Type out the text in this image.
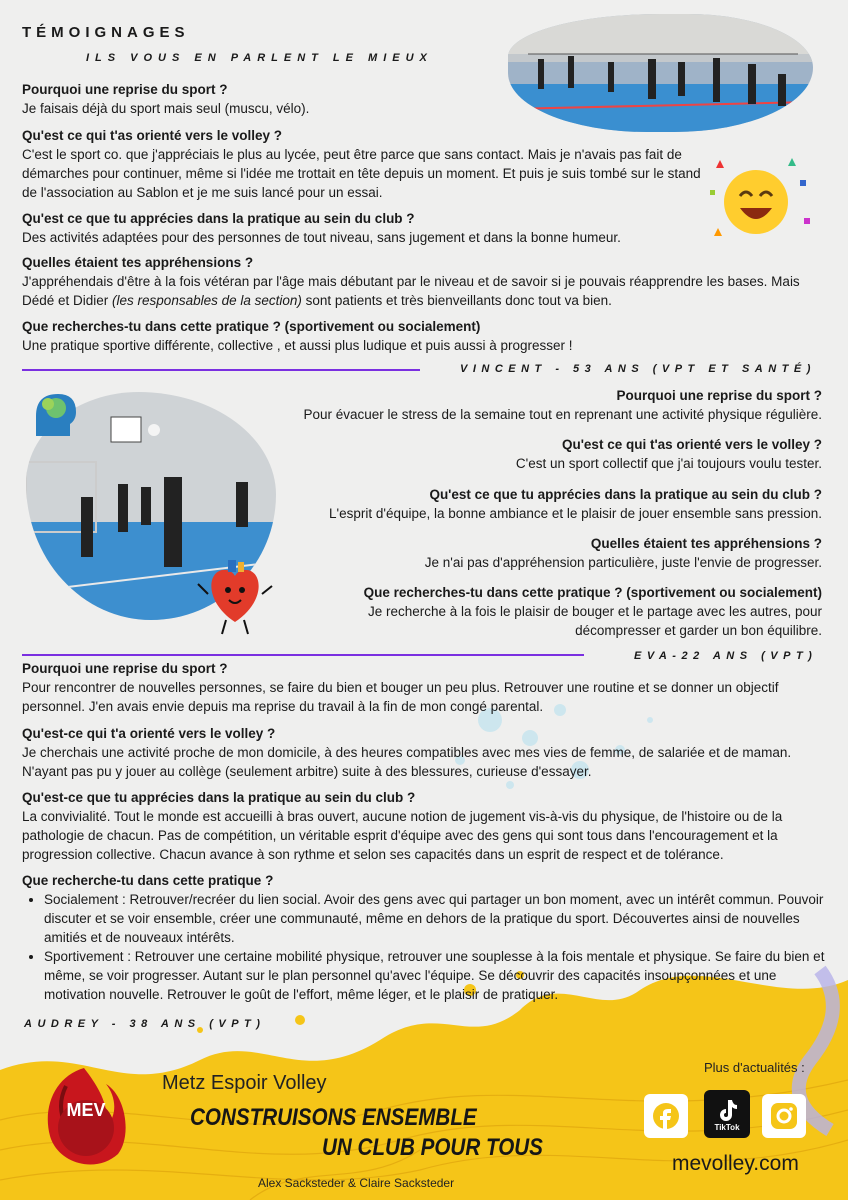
TÉMOIGNAGES
ILS VOUS EN PARLENT LE MIEUX
Pourquoi une reprise du sport ?
Je faisais déjà du sport mais seul (muscu, vélo).
Qu'est ce qui t'as orienté vers le volley ?
C'est le sport co. que j'appréciais le plus au lycée, peut être parce que sans contact. Mais je n'avais pas fait de démarches pour continuer, même si l'idée me trottait en tête depuis un moment. Et puis je suis tombé sur le stand de l'association au Sablon et je me suis lancé pour un essai.
Qu'est ce que tu apprécies dans la pratique au sein du club ?
Des activités adaptées pour des personnes de tout niveau, sans jugement et dans la bonne humeur.
Quelles étaient tes appréhensions ?
J'appréhendais d'être à la fois vétéran par l'âge mais débutant par le niveau et de savoir si je pouvais réapprendre les bases. Mais Dédé et Didier (les responsables de la section) sont patients et très bienveillants donc tout va bien.
Que recherches-tu dans cette pratique ? (sportivement ou socialement)
Une pratique sportive différente, collective , et aussi plus ludique et puis aussi à progresser !
VINCENT - 53 ANS (VPT ET SANTÉ)
Pourquoi une reprise du sport ?
Pour évacuer le stress de la semaine tout en reprenant une activité physique régulière.
Qu'est ce qui t'as orienté vers le volley ?
C'est un sport collectif que j'ai toujours voulu tester.
Qu'est ce que tu apprécies dans la pratique au sein du club ?
L'esprit d'équipe, la bonne ambiance et le plaisir de jouer ensemble sans pression.
Quelles étaient tes appréhensions ?
Je n'ai pas d'appréhension particulière, juste l'envie de progresser.
Que recherches-tu dans cette pratique ? (sportivement ou socialement)
Je recherche à la fois le plaisir de bouger et le partage avec les autres, pour décompresser et garder un bon équilibre.
EVA-22 ANS (VPT)
Pourquoi une reprise du sport ?
Pour rencontrer de nouvelles personnes, se faire du bien et bouger un peu plus. Retrouver une routine et se donner un objectif personnel. J'en avais envie depuis ma reprise du travail à la fin de mon congé parental.
Qu'est-ce qui t'a orienté vers le volley ?
Je cherchais une activité proche de mon domicile, à des heures compatibles avec mes vies de femme, de salariée et de maman. N'ayant pas pu y jouer au collège (seulement arbitre) suite à des blessures, curieuse d'essayer.
Qu'est-ce que tu apprécies dans la pratique au sein du club ?
La convivialité. Tout le monde est accueilli à bras ouvert, aucune notion de jugement vis-à-vis du physique, de l'histoire ou de la pathologie de chacun. Pas de compétition, un véritable esprit d'équipe avec des gens qui sont tous dans l'encouragement et la progression collective. Chacun avance à son rythme et selon ses capacités dans un esprit de respect et de tolérance.
Que recherche-tu dans cette pratique ?
• Socialement : Retrouver/recréer du lien social. Avoir des gens avec qui partager un bon moment, avec un intérêt commun. Pouvoir discuter et se voir ensemble, créer une communauté, même en dehors de la pratique du sport. Découvertes ainsi de nouvelles amitiés et de nouveaux intérêts.
• Sportivement : Retrouver une certaine mobilité physique, retrouver une souplesse à la fois mentale et physique. Se faire du bien et même, se voir progresser. Autant sur le plan personnel qu'avec l'équipe. Se découvrir des capacités insoupçonnées et une motivation nouvelle. Retrouver le goût de l'effort, même léger, et le plaisir de pratiquer.
AUDREY - 38 ANS (VPT)
MEV
Metz Espoir Volley
CONSTRUISONS ENSEMBLE
UN CLUB POUR TOUS
Alex Sacksteder & Claire Sacksteder
Plus d'actualités :
TikTok
mevolley.com
